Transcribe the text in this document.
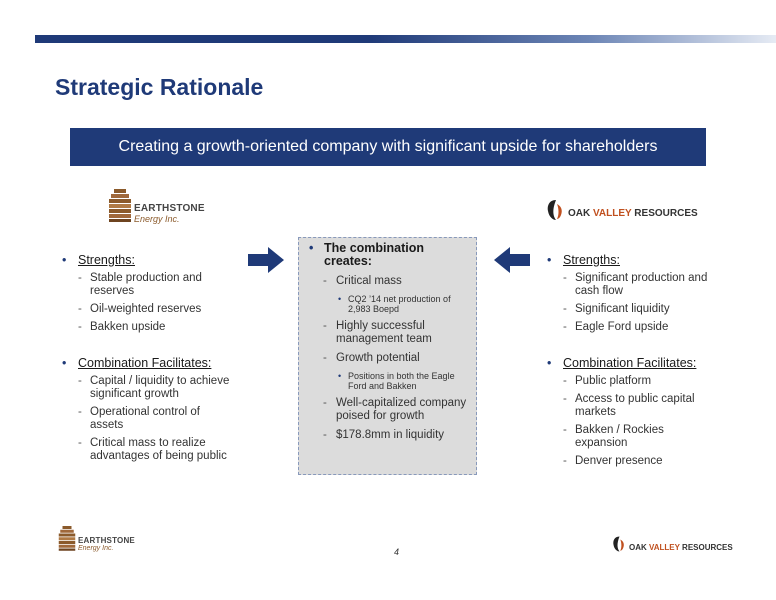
Strategic Rationale
Creating a growth-oriented company with significant upside for shareholders
EARTHSTONE
Energy Inc.	OAK VALLEY RESOURCES
• Strengths:
- Stable production and reserves
- Oil-weighted reserves
- Bakken upside
• Combination Facilitates:
- Capital / liquidity to achieve significant growth
- Operational control of assets
- Critical mass to realize advantages of being public
• The combination creates:
- Critical mass
• CQ2 ’14 net production of 2,983 Boepd
- Highly successful management team
- Growth potential
• Positions in both the Eagle Ford and Bakken
- Well-capitalized company poised for growth
- $178.8mm in liquidity
• Strengths:
- Significant production and cash flow
- Significant liquidity
- Eagle Ford upside
• Combination Facilitates:
- Public platform
- Access to public capital markets
- Bakken / Rockies expansion
- Denver presence
EARTHSTONE
Energy Inc.	4	OAK VALLEY RESOURCES
